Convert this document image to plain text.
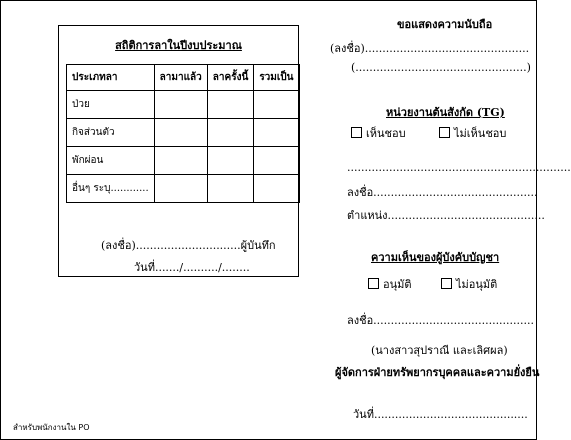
สถิติการลาในปีงบประมาณ
ประเภทลา	ลามาแล้ว	ลาครั้งนี้	รวมเป็น
ป่วย			
กิจส่วนตัว			
พักผ่อน			
อื่นๆ ระบุ............			
(ลงชื่อ)..............................ผู้บันทึก
วันที่......./........../........
ขอแสดงความนับถือ
(ลงชื่อ)...............................................
(.................................................)
หน่วยงานต้นสังกัด (TG)
เห็นชอบ	ไม่เห็นชอบ
................................................................
ลงชื่อ...............................................
ตำแหน่ง.............................................
ความเห็นของผู้บังคับบัญชา
อนุมัติ	ไม่อนุมัติ
ลงชื่อ..............................................
(นางสาวสุปราณี และเลิศผล)
ผู้จัดการฝ่ายทรัพยากรบุคคลและความยั่งยืน
วันที่............................................
สำหรับพนักงานใน PO
